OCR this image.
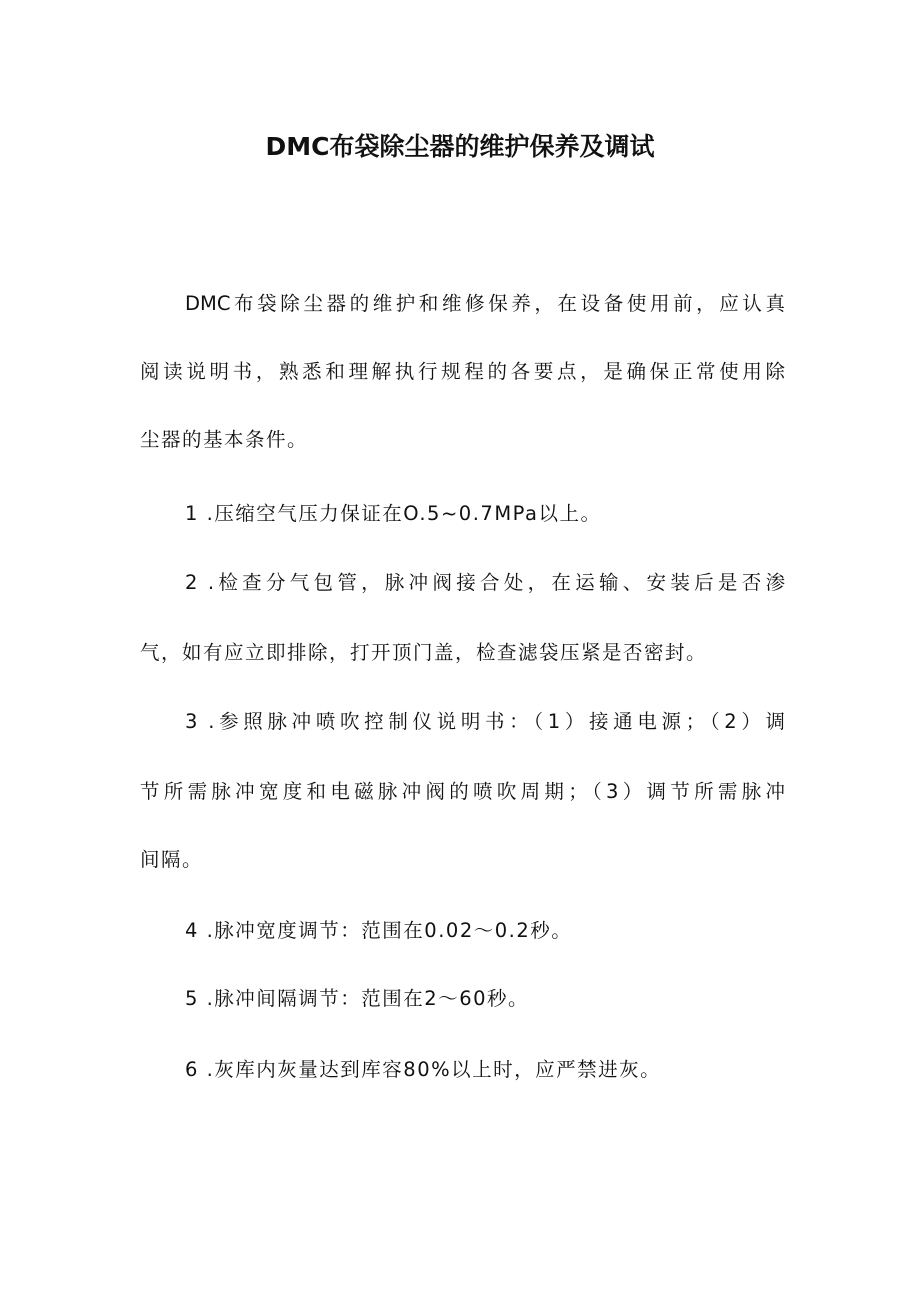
DMC布袋除尘器的维护保养及调试
DMC布袋除尘器的维护和维修保养，在设备使用前，应认真
阅读说明书，熟悉和理解执行规程的各要点，是确保正常使用除
尘器的基本条件。
1 .压缩空气压力保证在O.5~0.7MPa以上。
2 .检查分气包管，脉冲阀接合处，在运输、安装后是否渗
气，如有应立即排除，打开顶门盖，检查滤袋压紧是否密封。
3 .参照脉冲喷吹控制仪说明书：（1）接通电源；（2）调
节所需脉冲宽度和电磁脉冲阀的喷吹周期；（3）调节所需脉冲
间隔。
4 .脉冲宽度调节：范围在0.02～0.2秒。
5 .脉冲间隔调节：范围在2～60秒。
6 .灰库内灰量达到库容80%以上时，应严禁进灰。
